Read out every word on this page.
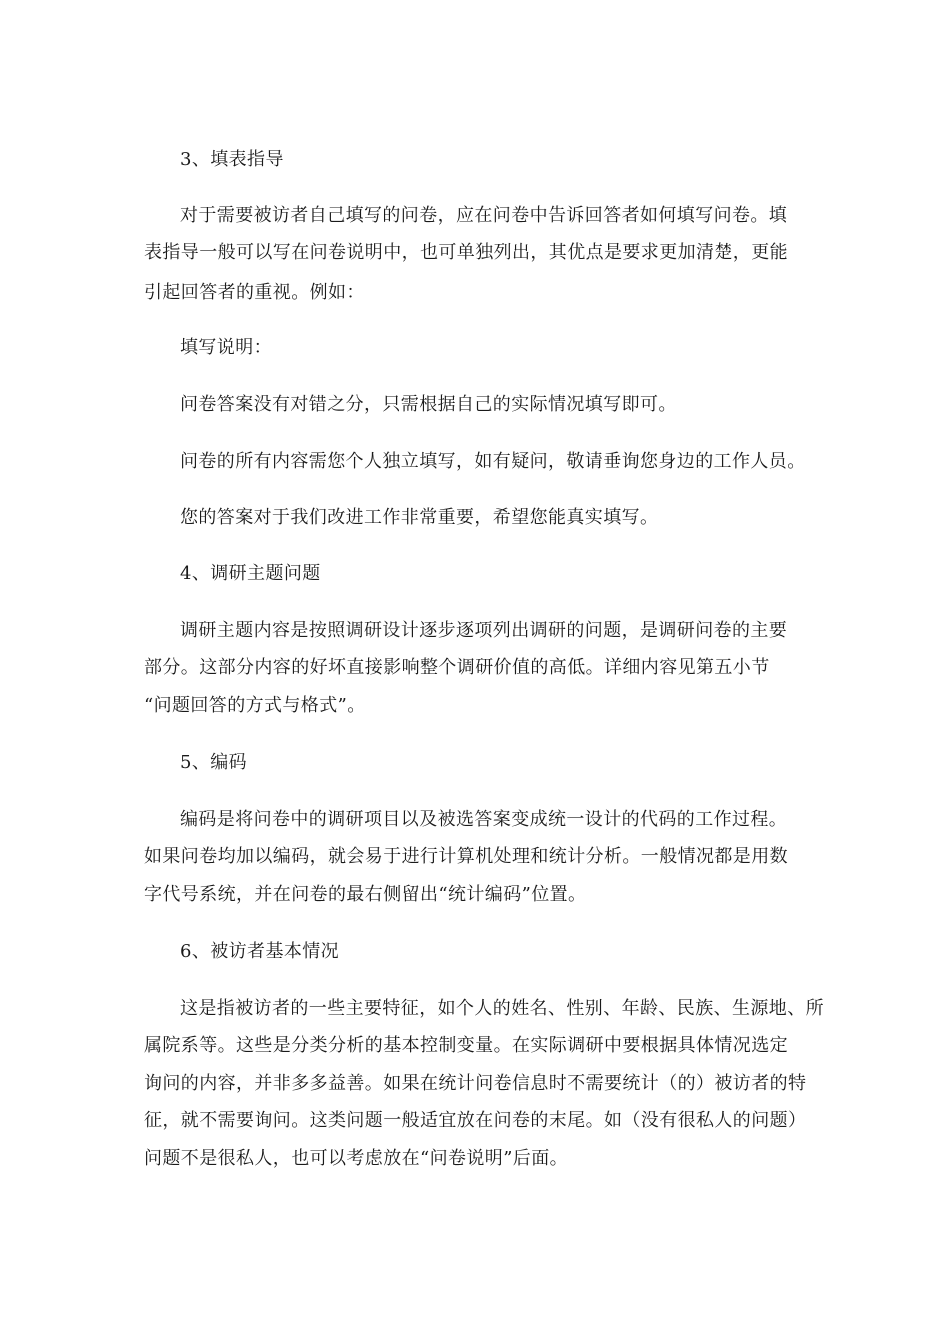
3、填表指导

对于需要被访者自己填写的问卷，应在问卷中告诉回答者如何填写问卷。填

表指导一般可以写在问卷说明中，也可单独列出，其优点是要求更加清楚，更能

引起回答者的重视。例如：

填写说明：

问卷答案没有对错之分，只需根据自己的实际情况填写即可。

问卷的所有内容需您个人独立填写，如有疑问，敬请垂询您身边的工作人员。

您的答案对于我们改进工作非常重要，希望您能真实填写。

4、调研主题问题

调研主题内容是按照调研设计逐步逐项列出调研的问题，是调研问卷的主要

部分。这部分内容的好坏直接影响整个调研价值的高低。详细内容见第五小节

“问题回答的方式与格式”。

5、编码

编码是将问卷中的调研项目以及被选答案变成统一设计的代码的工作过程。

如果问卷均加以编码，就会易于进行计算机处理和统计分析。一般情况都是用数

字代号系统，并在问卷的最右侧留出“统计编码”位置。

6、被访者基本情况

这是指被访者的一些主要特征，如个人的姓名、性别、年龄、民族、生源地、所

属院系等。这些是分类分析的基本控制变量。在实际调研中要根据具体情况选定

询问的内容，并非多多益善。如果在统计问卷信息时不需要统计（的）被访者的特

征，就不需要询问。这类问题一般适宜放在问卷的末尾。如（没有很私人的问题）

问题不是很私人，也可以考虑放在“问卷说明”后面。
